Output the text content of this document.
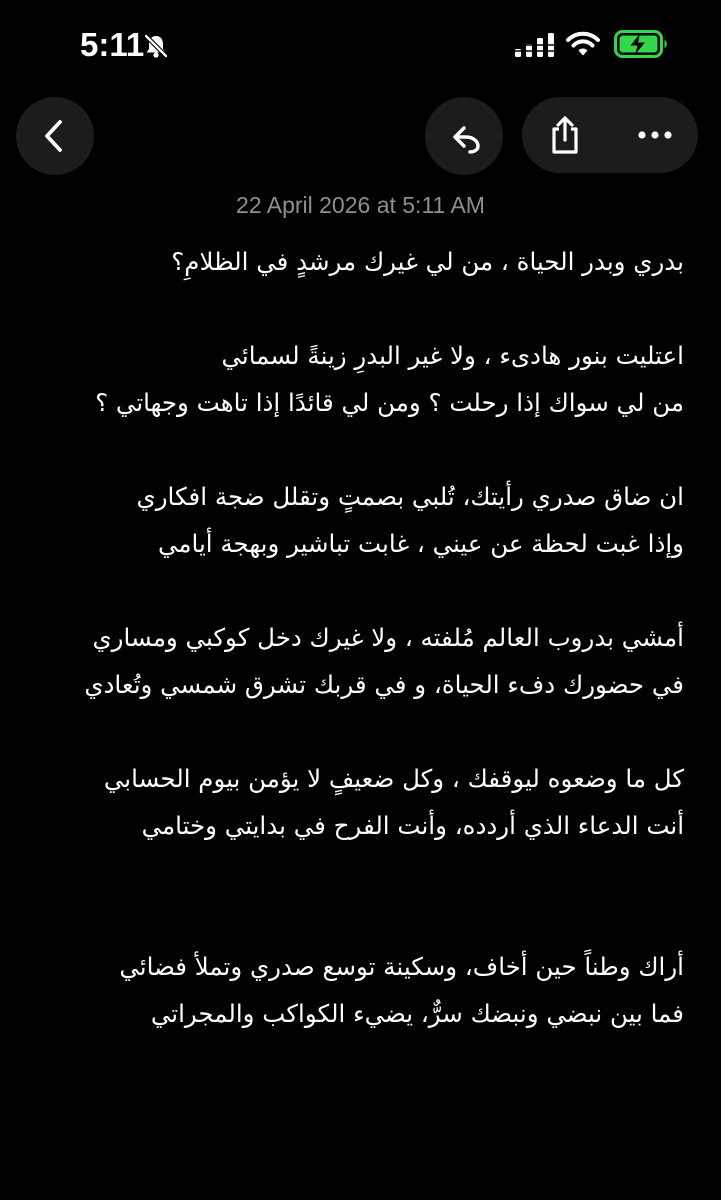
5:11
22 April 2026 at 5:11 AM
بدري وبدر الحياة ، من لي غيرك مرشدٍ في الظلامِ؟
اعتليت بنور هادىء ، ولا غير البدرِ زينةً لسمائي
من لي سواك إذا رحلت ؟ ومن لي قائدًا إذا تاهت وجهاتي ؟
ان ضاق صدري رأيتك، تُلبي بصمتٍ وتقلل ضجة افكاري
وإذا غبت لحظة عن عيني ، غابت تباشير وبهجة أيامي
أمشي بدروب العالم مُلفته ، ولا غيرك دخل كوكبي ومساري
في حضورك دفء الحياة، و في قربك تشرق شمسي وتُعادي
كل ما وضعوه ليوقفك ، وكل ضعيفٍ لا يؤمن بيوم الحسابي
أنت الدعاء الذي أردده، وأنت الفرح في بدايتي وختامي
أراك وطناً حين أخاف، وسكينة توسع صدري وتملأ فضائي
فما بين نبضي ونبضك سرٌّ، يضيء الكواكب والمجراتي
